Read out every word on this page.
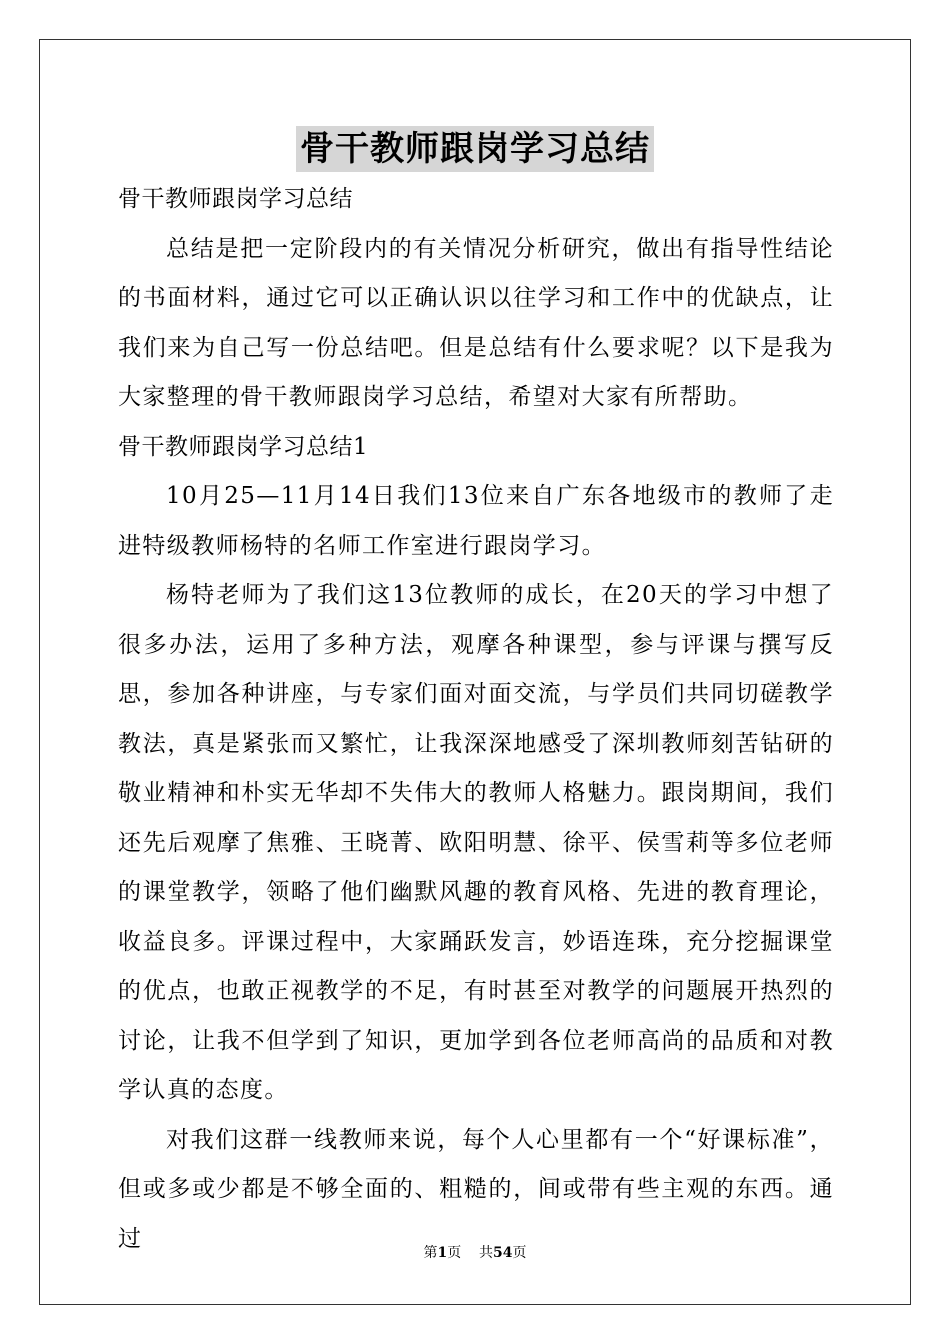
骨干教师跟岗学习总结

骨干教师跟岗学习总结

总结是把一定阶段内的有关情况分析研究，做出有指导性结论的书面材料，通过它可以正确认识以往学习和工作中的优缺点，让我们来为自己写一份总结吧。但是总结有什么要求呢？以下是我为大家整理的骨干教师跟岗学习总结，希望对大家有所帮助。

骨干教师跟岗学习总结1

10月25—11月14日我们13位来自广东各地级市的教师了走进特级教师杨特的名师工作室进行跟岗学习。

杨特老师为了我们这13位教师的成长，在20天的学习中想了很多办法，运用了多种方法，观摩各种课型，参与评课与撰写反思，参加各种讲座，与专家们面对面交流，与学员们共同切磋教学教法，真是紧张而又繁忙，让我深深地感受了深圳教师刻苦钻研的敬业精神和朴实无华却不失伟大的教师人格魅力。跟岗期间，我们还先后观摩了焦雅、王晓菁、欧阳明慧、徐平、侯雪莉等多位老师的课堂教学，领略了他们幽默风趣的教育风格、先进的教育理论，收益良多。评课过程中，大家踊跃发言，妙语连珠，充分挖掘课堂的优点，也敢正视教学的不足，有时甚至对教学的问题展开热烈的讨论，让我不但学到了知识，更加学到各位老师高尚的品质和对教学认真的态度。

对我们这群一线教师来说，每个人心里都有一个“好课标准”，但或多或少都是不够全面的、粗糙的，间或带有些主观的东西。通过

第1页 共54页
